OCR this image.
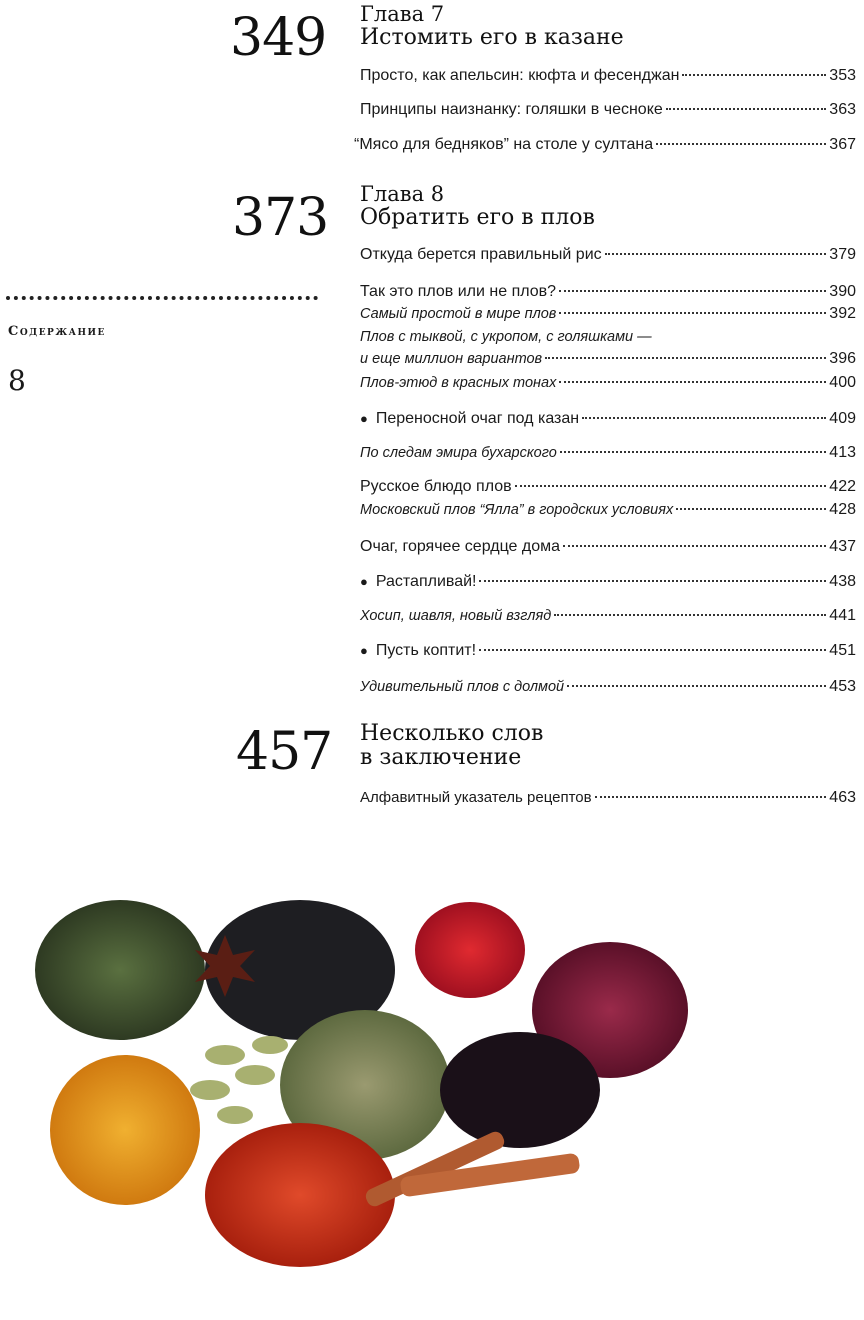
349 Глава 7
Истомить его в казане
Просто, как апельсин: кюфта и фесенджан	353
Принципы наизнанку: голяшки в чесноке	363
“Мясо для бедняков” на столе у султана	367
373 Глава 8
Обратить его в плов
Откуда берется правильный рис	379
Так это плов или не плов?	390
Самый простой в мире плов	392
Плов с тыквой, с укропом, с голяшками —
и еще миллион вариантов	396
Плов-этюд в красных тонах	400
● Переносной очаг под казан	409
По следам эмира бухарского	413
Русское блюдо плов	422
Московский плов “Ялла” в городских условиях	428
Очаг, горячее сердце дома	437
● Растапливай!	438
Хосип, шавля, новый взгляд	441
● Пусть коптит!	451
Удивительный плов с долмой	453
457 Несколько слов
в заключение
Алфавитный указатель рецептов	463
Содержание
8
